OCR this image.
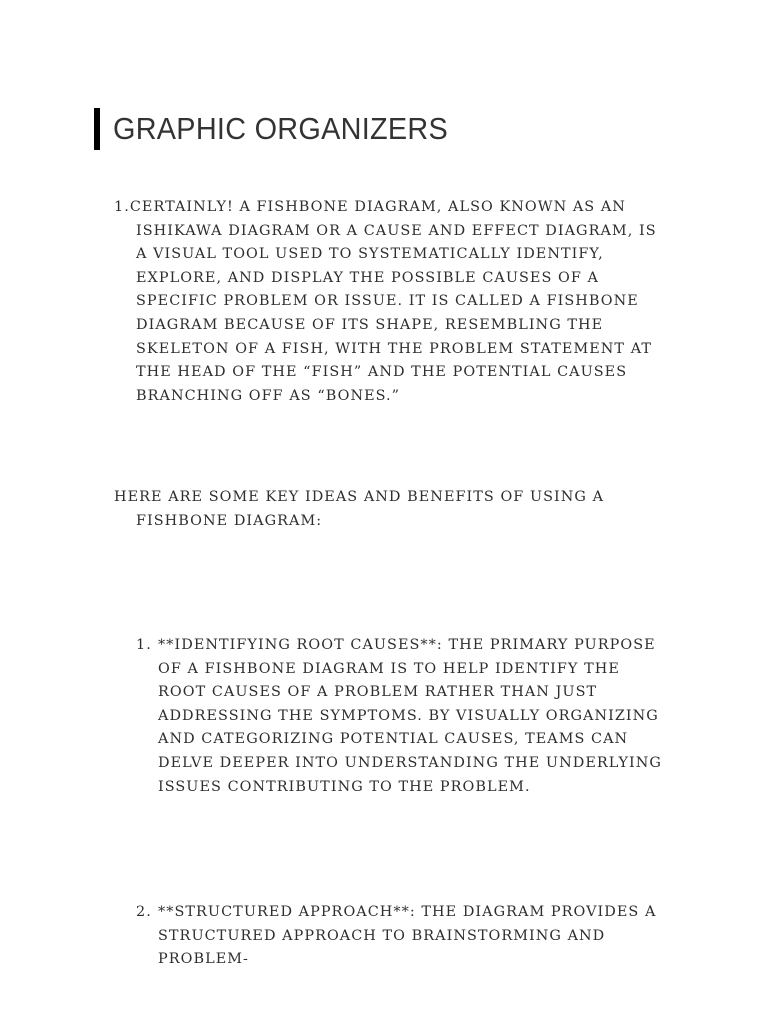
GRAPHIC ORGANIZERS

1.CERTAINLY! A FISHBONE DIAGRAM, ALSO KNOWN AS AN ISHIKAWA DIAGRAM OR A CAUSE AND EFFECT DIAGRAM, IS A VISUAL TOOL USED TO SYSTEMATICALLY IDENTIFY, EXPLORE, AND DISPLAY THE POSSIBLE CAUSES OF A SPECIFIC PROBLEM OR ISSUE. IT IS CALLED A FISHBONE DIAGRAM BECAUSE OF ITS SHAPE, RESEMBLING THE SKELETON OF A FISH, WITH THE PROBLEM STATEMENT AT THE HEAD OF THE “FISH” AND THE POTENTIAL CAUSES BRANCHING OFF AS “BONES.”

HERE ARE SOME KEY IDEAS AND BENEFITS OF USING A FISHBONE DIAGRAM:

1. **IDENTIFYING ROOT CAUSES**: THE PRIMARY PURPOSE OF A FISHBONE DIAGRAM IS TO HELP IDENTIFY THE ROOT CAUSES OF A PROBLEM RATHER THAN JUST ADDRESSING THE SYMPTOMS. BY VISUALLY ORGANIZING AND CATEGORIZING POTENTIAL CAUSES, TEAMS CAN DELVE DEEPER INTO UNDERSTANDING THE UNDERLYING ISSUES CONTRIBUTING TO THE PROBLEM.
2. **STRUCTURED APPROACH**: THE DIAGRAM PROVIDES A STRUCTURED APPROACH TO BRAINSTORMING AND PROBLEM-
